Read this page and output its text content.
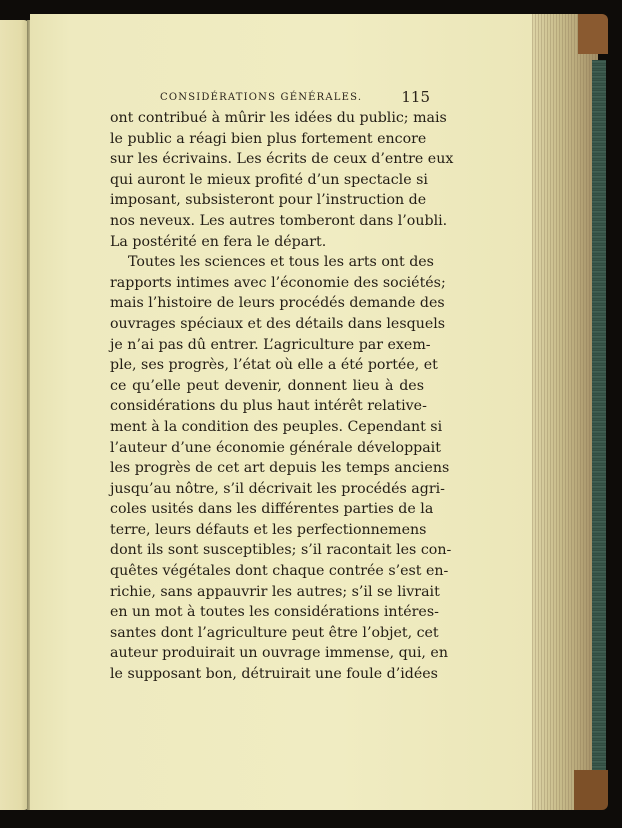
CONSIDÉRATIONS GÉNÉRALES.	115
ont contribué à mûrir les idées du public; mais
le public a réagi bien plus fortement encore
sur les écrivains. Les écrits de ceux d’entre eux
qui auront le mieux profité d’un spectacle si
imposant, subsisteront pour l’instruction de
nos neveux. Les autres tomberont dans l’oubli.
La postérité en fera le départ.
Toutes les sciences et tous les arts ont des
rapports intimes avec l’économie des sociétés;
mais l’histoire de leurs procédés demande des
ouvrages spéciaux et des détails dans lesquels
je n’ai pas dû entrer. L’agriculture par exem-
ple, ses progrès, l’état où elle a été portée, et
ce qu’elle peut devenir, donnent lieu à des
considérations du plus haut intérêt relative-
ment à la condition des peuples. Cependant si
l’auteur d’une économie générale développait
les progrès de cet art depuis les temps anciens
jusqu’au nôtre, s’il décrivait les procédés agri-
coles usités dans les différentes parties de la
terre, leurs défauts et les perfectionnemens
dont ils sont susceptibles; s’il racontait les con-
quêtes végétales dont chaque contrée s’est en-
richie, sans appauvrir les autres; s’il se livrait
en un mot à toutes les considérations intéres-
santes dont l’agriculture peut être l’objet, cet
auteur produirait un ouvrage immense, qui, en
le supposant bon, détruirait une foule d’idées
